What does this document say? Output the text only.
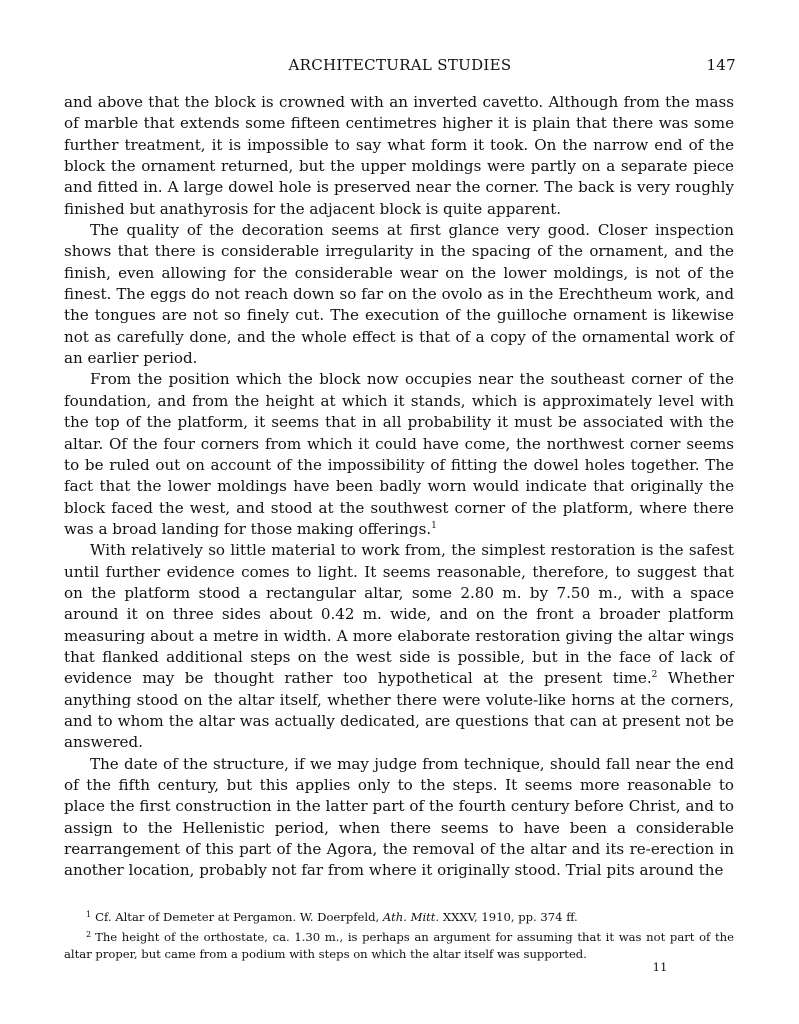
ARCHITECTURAL STUDIES	147

and above that the block is crowned with an inverted cavetto. Although from the mass of marble that extends some fifteen centimetres higher it is plain that there was some further treatment, it is impossible to say what form it took. On the narrow end of the block the ornament returned, but the upper moldings were partly on a separate piece and fitted in. A large dowel hole is preserved near the corner. The back is very roughly finished but anathyrosis for the adjacent block is quite apparent.

The quality of the decoration seems at first glance very good. Closer inspection shows that there is considerable irregularity in the spacing of the ornament, and the finish, even allowing for the considerable wear on the lower moldings, is not of the finest. The eggs do not reach down so far on the ovolo as in the Erechtheum work, and the tongues are not so finely cut. The execution of the guilloche ornament is likewise not as carefully done, and the whole effect is that of a copy of the ornamental work of an earlier period.

From the position which the block now occupies near the southeast corner of the foundation, and from the height at which it stands, which is approximately level with the top of the platform, it seems that in all probability it must be associated with the altar. Of the four corners from which it could have come, the northwest corner seems to be ruled out on account of the impossibility of fitting the dowel holes together. The fact that the lower moldings have been badly worn would indicate that originally the block faced the west, and stood at the southwest corner of the platform, where there was a broad landing for those making offerings.$^1$

With relatively so little material to work from, the simplest restoration is the safest until further evidence comes to light. It seems reasonable, therefore, to suggest that on the platform stood a rectangular altar, some 2.80 m. by 7.50 m., with a space around it on three sides about 0.42 m. wide, and on the front a broader platform measuring about a metre in width. A more elaborate restoration giving the altar wings that flanked additional steps on the west side is possible, but in the face of lack of evidence may be thought rather too hypothetical at the present time.$^2$ Whether anything stood on the altar itself, whether there were volute-like horns at the corners, and to whom the altar was actually dedicated, are questions that can at present not be answered.

The date of the structure, if we may judge from technique, should fall near the end of the fifth century, but this applies only to the steps. It seems more reasonable to place the first construction in the latter part of the fourth century before Christ, and to assign to the Hellenistic period, when there seems to have been a considerable rearrangement of this part of the Agora, the removal of the altar and its re-erection in another location, probably not far from where it originally stood. Trial pits around the

$^1$ Cf. Altar of Demeter at Pergamon. W. Doerpfeld, Ath. Mitt. XXXV, 1910, pp. 374 ff.

$^2$ The height of the orthostate, ca. 1.30 m., is perhaps an argument for assuming that it was not part of the altar proper, but came from a podium with steps on which the altar itself was supported.

11
